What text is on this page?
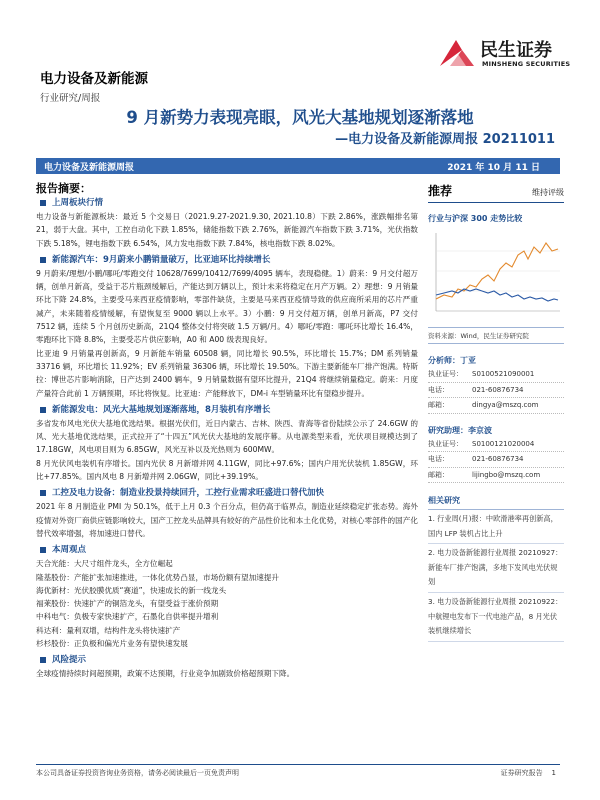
民生证券
MINSHENG SECURITIES
电力设备及新能源
行业研究/周报
9 月新势力表现亮眼，风光大基地规划逐渐落地
—电力设备及新能源周报 20211011
电力设备及新能源周报	2021 年 10 月 11 日
报告摘要：
上周板块行情
电力设备与新能源板块：最近 5 个交易日（2021.9.27-2021.9.30, 2021.10.8）下跌 2.86%，涨跌幅排名第 21，弱于大盘。其中，工控自动化下跌 1.85%，储能指数下跌 2.76%，新能源汽车指数下跌 3.71%，光伏指数下跌 5.18%，锂电指数下跌 6.54%，风力发电指数下跌 7.84%，核电指数下跌 8.02%。
新能源汽车：9月蔚来小鹏销量破万，比亚迪环比持续增长
9 月蔚来/理想/小鹏/哪吒/零跑交付 10628/7699/10412/7699/4095 辆车，表现稳健。1）蔚来：9 月交付超万辆，创单月新高，受益于芯片瓶颈缓解后，产能达到万辆以上，预计未来将稳定在月产万辆。2）理想：9 月销量环比下降 24.8%，主要受马来西亚疫情影响，零部件缺货，主要是马来西亚疫情导致的供应商所采用的芯片严重减产，未来随着疫情缓解，有望恢复至 9000 辆以上水平。3）小鹏：9 月交付超万辆，创单月新高，P7 交付 7512 辆，连续 5 个月创历史新高，21Q4 整体交付将突破 1.5 万辆/月。4）哪吒/零跑：哪吒环比增长 16.4%，零跑环比下降 8.8%，主要受芯片供应影响，A0 和 A00 级表现良好。
比亚迪 9 月销量再创新高，9 月新能车销量 60508 辆，同比增长 90.5%，环比增长 15.7%；DM 系列销量 33716 辆，环比增长 11.92%；EV 系列销量 36306 辆，环比增长 19.50%。下游主要新能车厂排产饱满。特斯拉：博世芯片影响消除，日产达到 2400 辆车，9 月销量数据有望环比提升，21Q4 将继续销量稳定。蔚来：月度产量符合此前 1 万辆预期，环比将恢复。比亚迪：产能释放下，DM-i 车型销量环比有望稳步提升。
新能源发电：风光大基地规划逐渐落地，8月装机有序增长
多省发布风电光伏大基地优选结果。根据光伏们，近日内蒙古、吉林、陕西、青海等省份陆续公示了 24.6GW 的风、光大基地优选结果，正式拉开了“十四五”风光伏大基地的发展序幕。从电源类型来看，光伏项目规模达到了 17.18GW，风电项目则为 6.85GW，风光互补以及光热则为 600MW。
8 月光伏风电装机有序增长。国内光伏 8 月新增并网 4.11GW，同比+97.6%；国内户用光伏装机 1.85GW，环比+77.85%。国内风电 8 月新增并网 2.06GW，同比+39.19%。
工控及电力设备：制造业投景持续回升，工控行业需求旺盛进口替代加快
2021 年 8 月制造业 PMI 为 50.1%，低于上月 0.3 个百分点，但仍高于临界点，制造业延续稳定扩张态势。海外疫情对外资厂商供应链影响较大，国产工控龙头品牌具有较好的产品性价比和本土化优势，对核心零部件的国产化替代效率增强，将加速进口替代。
本周观点
天合光能：大尺寸组件龙头，全方位崛起
隆基股份：产能扩张加速推进，一体化优势凸显，市场份额有望加速提升
海优新材：光伏胶膜优质“赛道”，快速成长的新一线龙头
福莱股份：快速扩产的铜箔龙头，有望受益于涨价预期
中科电气：负极专家快速扩产，石墨化自供率提升增利
科达利：量利双增，结构件龙头将快速扩产
杉杉股份：正负极和偏光片业务有望快速发展
风险提示
全球疫情持续时间超预期，政策不达预期，行业竞争加剧致价格超预期下降。
推荐	维持评级
行业与沪深 300 走势比较
资料来源：Wind，民生证券研究院
分析师：丁亚
执业证号：	S0100521090001
电话：	021-60876734
邮箱：	dingya@mszq.com
研究助理：李京波
执业证号：	S0100121020004
电话：	021-60876734
邮箱：	lijingbo@mszq.com
相关研究
1. 行业周(月)报：中欧滑港率再创新高，国内 LFP 装机占比上升
2. 电力设备新能源行业周报 20210927：新能车厂排产饱满，多地下发风电光伏规划
3. 电力设备新能源行业周报 20210922：中航锂电发布下一代电池产品，8 月光伏装机继续增长
本公司具备证券投资咨询业务资格，请务必阅读最后一页免责声明	证券研究报告 1
